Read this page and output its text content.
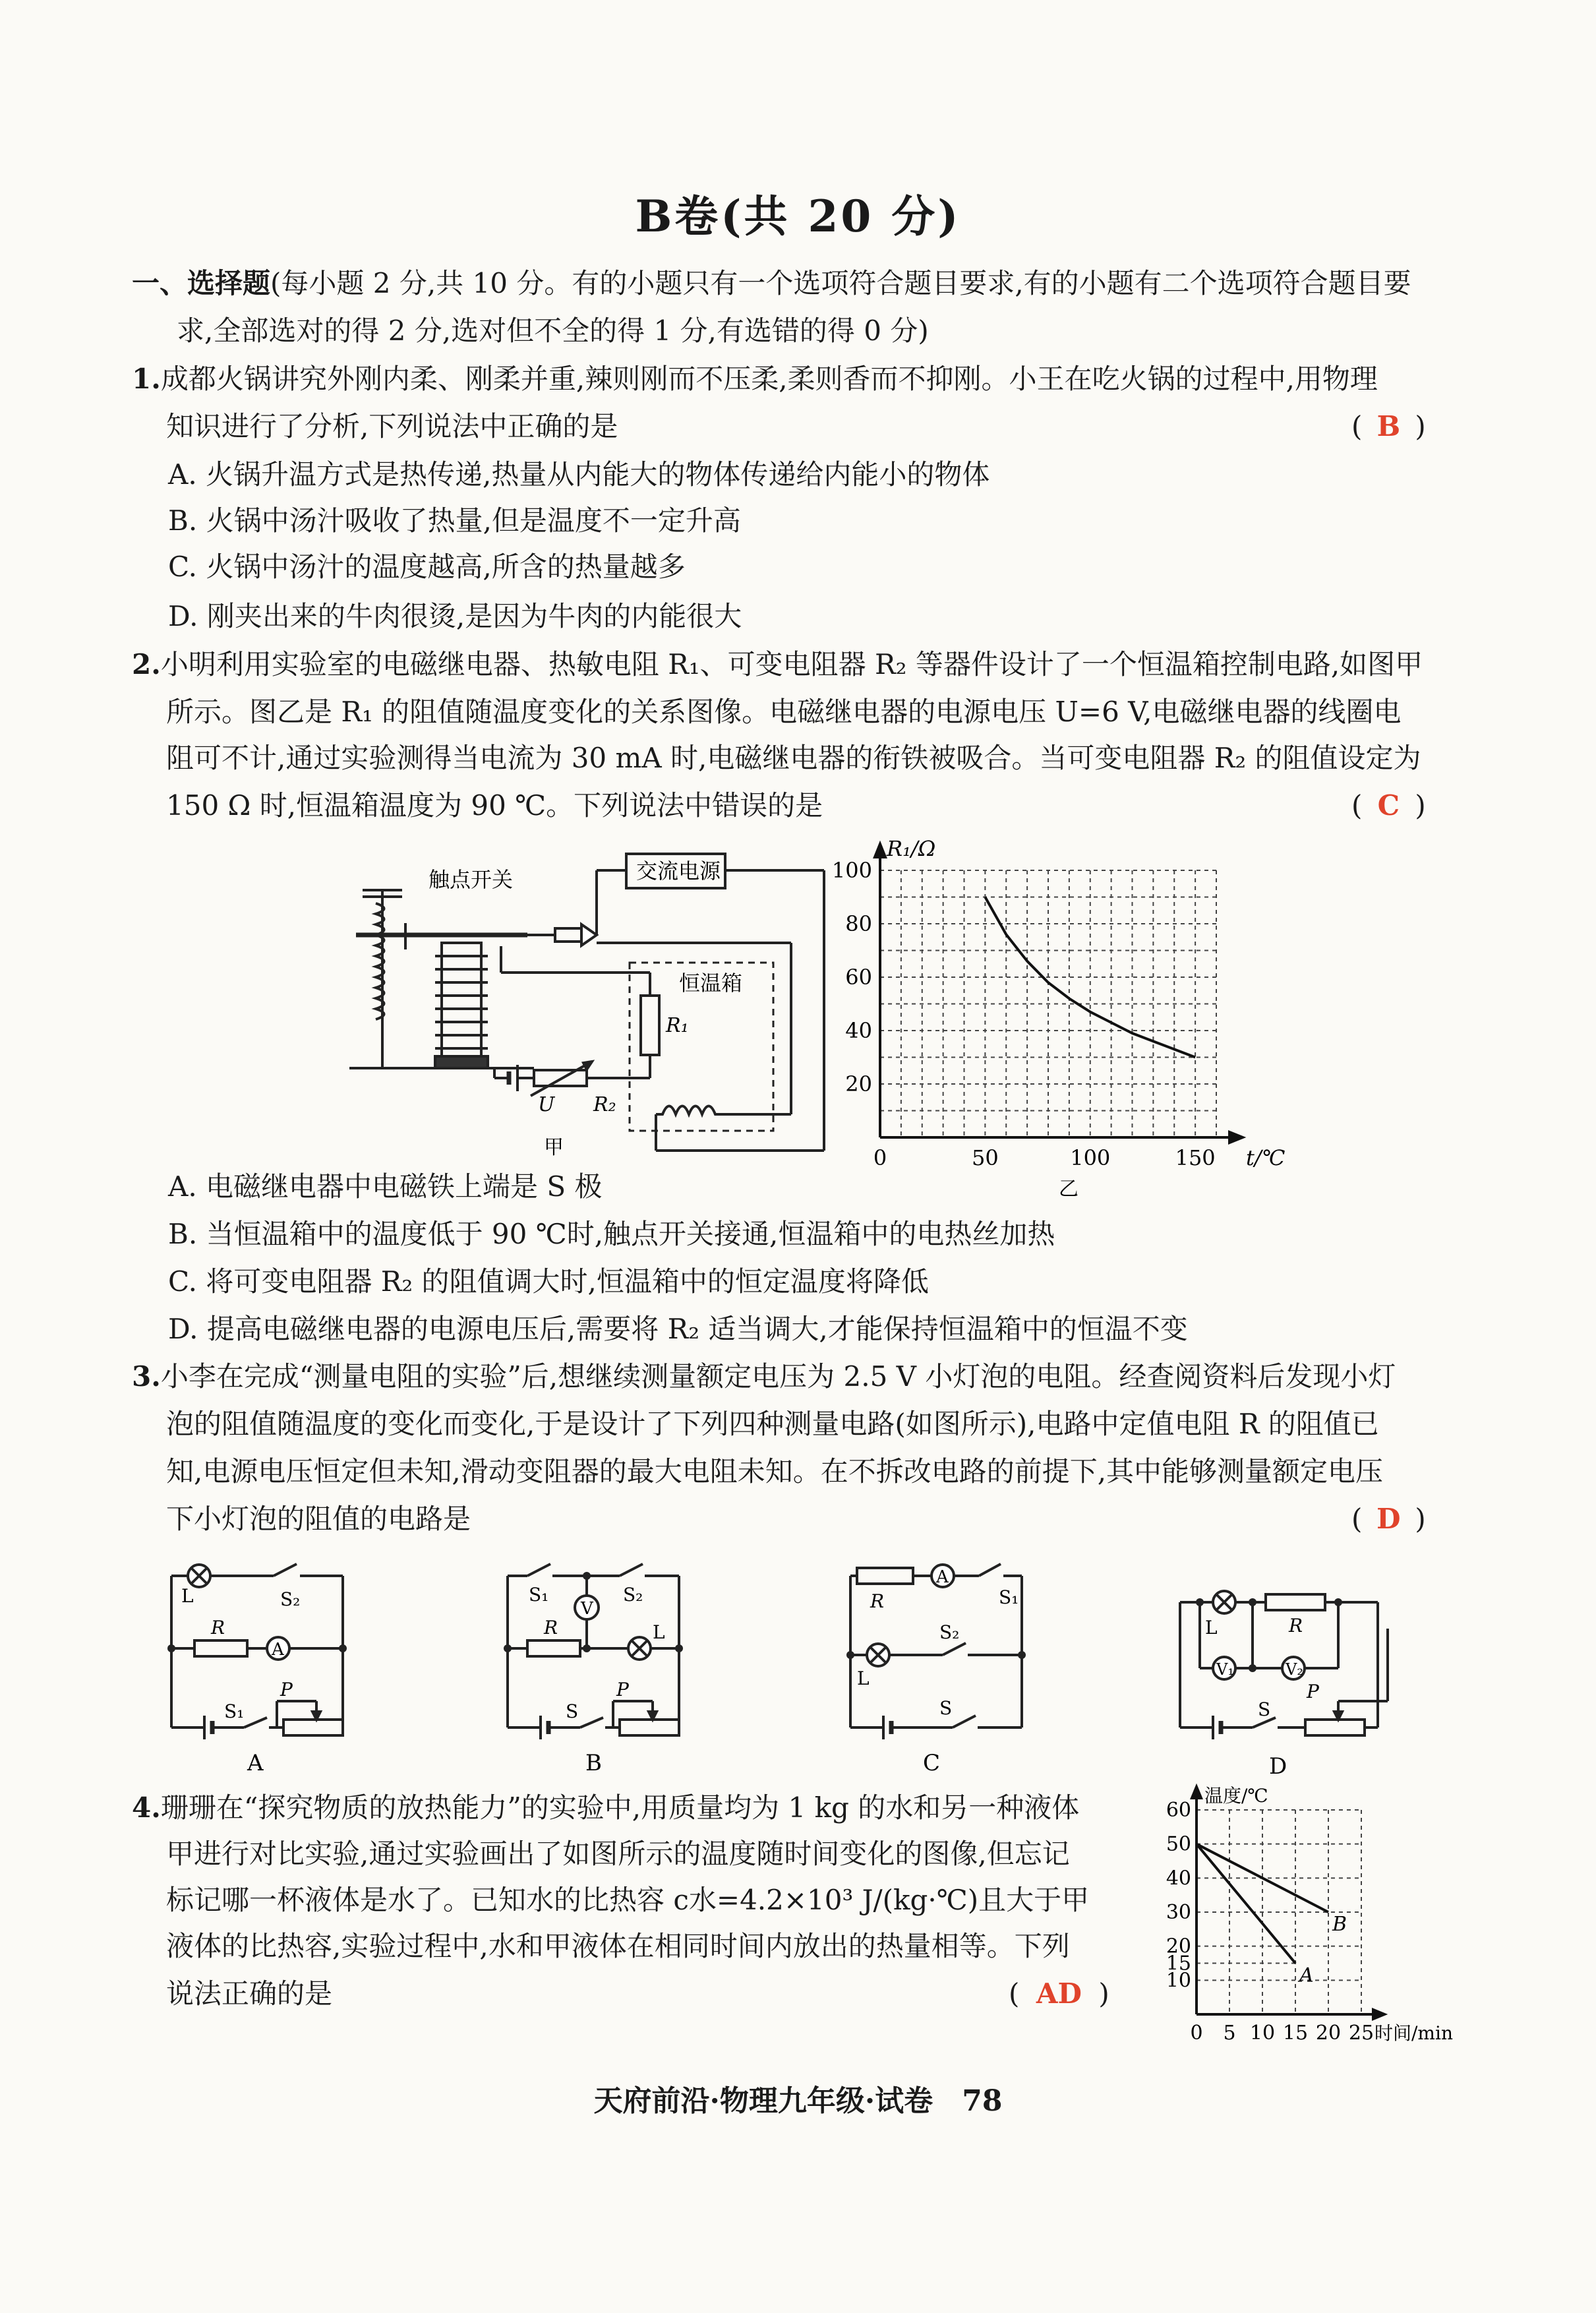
B卷(共 20 分)
一、选择题(每小题 2 分,共 10 分。有的小题只有一个选项符合题目要求,有的小题有二个选项符合题目要
求,全部选对的得 2 分,选对但不全的得 1 分,有选错的得 0 分)
1.成都火锅讲究外刚内柔、刚柔并重,辣则刚而不压柔,柔则香而不抑刚。小王在吃火锅的过程中,用物理
知识进行了分析,下列说法中正确的是	( B )
A. 火锅升温方式是热传递,热量从内能大的物体传递给内能小的物体
B. 火锅中汤汁吸收了热量,但是温度不一定升高
C. 火锅中汤汁的温度越高,所含的热量越多
D. 刚夹出来的牛肉很烫,是因为牛肉的内能很大
2.小明利用实验室的电磁继电器、热敏电阻 R₁、可变电阻器 R₂ 等器件设计了一个恒温箱控制电路,如图甲
所示。图乙是 R₁ 的阻值随温度变化的关系图像。电磁继电器的电源电压 U=6 V,电磁继电器的线圈电
阻可不计,通过实验测得当电流为 30 mA 时,电磁继电器的衔铁被吸合。当可变电阻器 R₂ 的阻值设定为
150 Ω 时,恒温箱温度为 90 ℃。下列说法中错误的是	( C )
触点开关	交流电源
恒温箱
R₁
U R₂
甲
20
40
60
80
100
0	50	100	150
R₁/Ω
t/℃
乙
A. 电磁继电器中电磁铁上端是 S 极
B. 当恒温箱中的温度低于 90 ℃时,触点开关接通,恒温箱中的电热丝加热
C. 将可变电阻器 R₂ 的阻值调大时,恒温箱中的恒定温度将降低
D. 提高电磁继电器的电源电压后,需要将 R₂ 适当调大,才能保持恒温箱中的恒温不变
3.小李在完成“测量电阻的实验”后,想继续测量额定电压为 2.5 V 小灯泡的电阻。经查阅资料后发现小灯
泡的阻值随温度的变化而变化,于是设计了下列四种测量电路(如图所示),电路中定值电阻 R 的阻值已
知,电源电压恒定但未知,滑动变阻器的最大电阻未知。在不拆改电路的前提下,其中能够测量额定电压
下小灯泡的阻值的电路是	( D )
L	S₂
R
A
S₁
P
A
S₁	S₂
V
R	L
S
P
B
R
A
S₁
L
S₂
S
C
L	R
V₁	V₂
S
P
D
4.珊珊在“探究物质的放热能力”的实验中,用质量均为 1 kg 的水和另一种液体
甲进行对比实验,通过实验画出了如图所示的温度随时间变化的图像,但忘记
标记哪一杯液体是水了。已知水的比热容 c水=4.2×10³ J/(kg·℃)且大于甲
液体的比热容,实验过程中,水和甲液体在相同时间内放出的热量相等。下列
说法正确的是	( AD )	10
15
20
30
40
50
60
0 5 10 15 20 25
A
B
温度/℃
时间/min
天府前沿·物理九年级·试卷　78
